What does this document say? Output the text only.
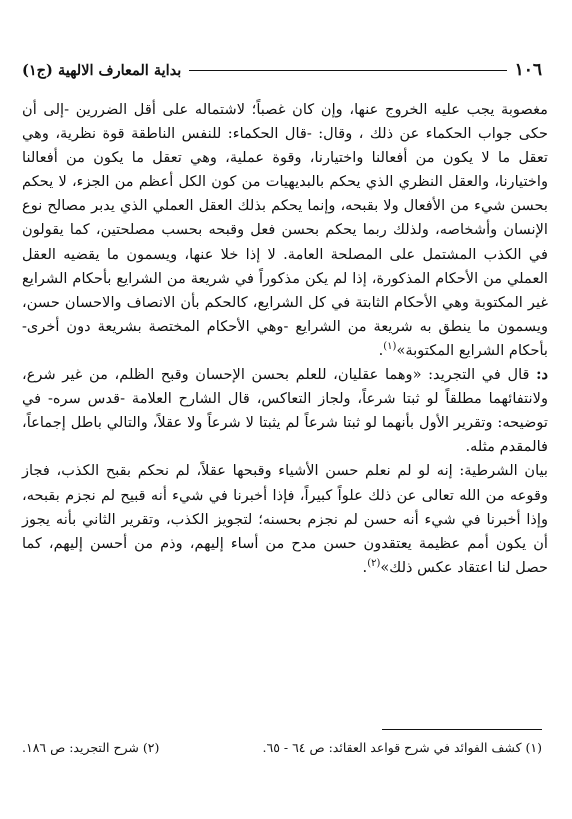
١٠٦
بداية المعارف الالهية (ج١)

مغصوبة يجب عليه الخروج عنها، وإن كان غصباً؛ لاشتماله على أقل الضررين -إلى أن حكى جواب الحكماء عن ذلك ، وقال: -قال الحكماء: للنفس الناطقة قوة نظرية، وهي تعقل ما لا يكون من أفعالنا واختيارنا، وقوة عملية، وهي تعقل ما يكون من أفعالنا واختيارنا، والعقل النظري الذي يحكم بالبديهيات من كون الكل أعظم من الجزء، لا يحكم بحسن شيء من الأفعال ولا بقبحه، وإنما يحكم بذلك العقل العملي الذي يدبر مصالح نوع الإنسان وأشخاصه، ولذلك ربما يحكم بحسن فعل وقبحه بحسب مصلحتين، كما يقولون في الكذب المشتمل على المصلحة العامة. لا إذا خلا عنها، ويسمون ما يقضيه العقل العملي من الأحكام المذكورة، إذا لم يكن مذكوراً في شريعة من الشرايع بأحكام الشرايع غير المكتوبة وهي الأحكام الثابتة في كل الشرايع، كالحكم بأن الانصاف والاحسان حسن، ويسمون ما ينطق به شريعة من الشرايع -وهي الأحكام المختصة بشريعة دون أخرى- بأحكام الشرايع المكتوبة»$^{(١)}$.

د: قال في التجريد: «وهما عقليان، للعلم بحسن الإحسان وقبح الظلم، من غير شرع، ولانتفائهما مطلقاً لو ثبتا شرعاً، ولجاز التعاكس، قال الشارح العلامة -قدس سره- في توضيحه: وتقرير الأول بأنهما لو ثبتا شرعاً لم يثبتا لا شرعاً ولا عقلاً، والتالي باطل إجماعاً، فالمقدم مثله.

بيان الشرطية: إنه لو لم نعلم حسن الأشياء وقبحها عقلاً، لم نحكم بقبح الكذب، فجاز وقوعه من الله تعالى عن ذلك علواً كبيراً، فإذا أخبرنا في شيء أنه قبيح لم نجزم بقبحه، وإذا أخبرنا في شيء أنه حسن لم نجزم بحسنه؛ لتجويز الكذب، وتقرير الثاني بأنه يجوز أن يكون أمم عظيمة يعتقدون حسن مدح من أساء إليهم، وذم من أحسن إليهم، كما حصل لنا اعتقاد عكس ذلك»$^{(٢)}$.

(١) كشف الفوائد في شرح قواعد العقائد: ص ٦٤ - ٦٥.
(٢) شرح التجريد: ص ١٨٦.
